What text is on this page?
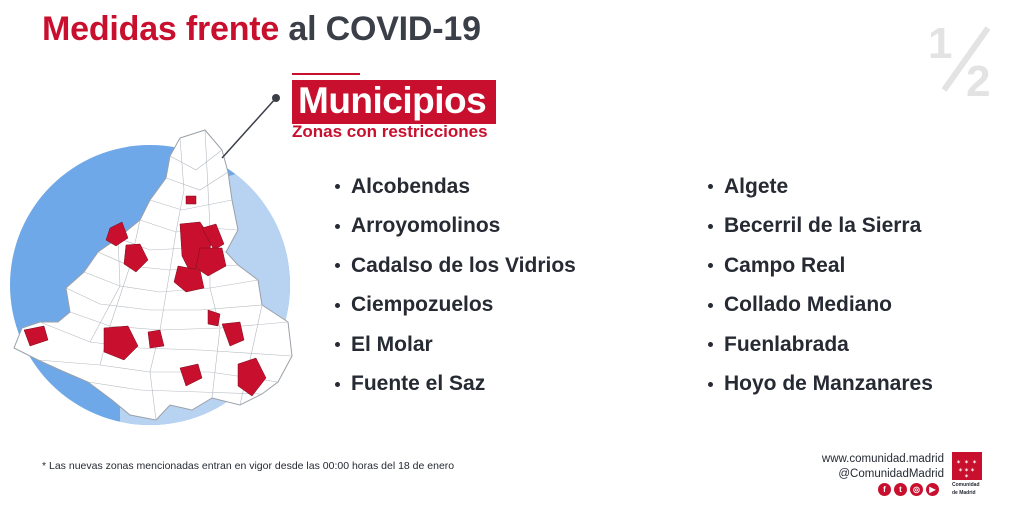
Medidas frente al COVID-19	1
2
Municipios
Zonas con restricciones
Alcobendas
Arroyomolinos
Cadalso de los Vidrios
Ciempozuelos
El Molar
Fuente el Saz
Algete
Becerril de la Sierra
Campo Real
Collado Mediano
Fuenlabrada
Hoyo de Manzanares
* Las nuevas zonas mencionadas entran en vigor desde las 00:00 horas del 18 de enero
www.comunidad.madrid
@ComunidadMadrid
f	t	◎	▶
✶ ✶ ✶
✶ ✶ ✶
✶
Comunidad
de Madrid
